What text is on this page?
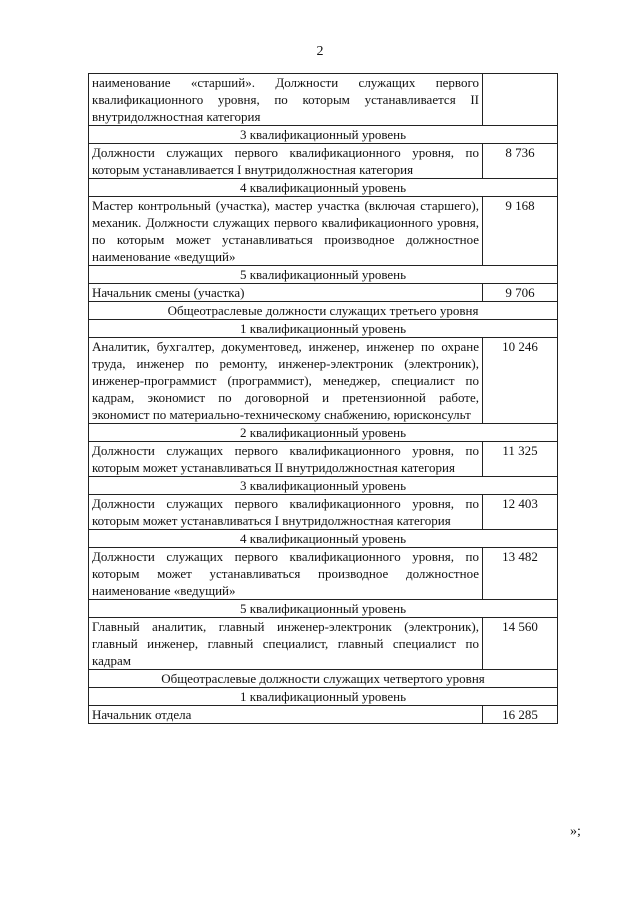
2
наименование «старший». Должности служащих первого квалификационного уровня, по которым устанавливается II внутридолжностная категория	
3 квалификационный уровень	
Должности служащих первого квалификационного уровня, по которым устанавливается I внутридолжностная категория	8 736
4 квалификационный уровень	
Мастер контрольный (участка), мастер участка (включая старшего), механик. Должности служащих первого квалификационного уровня, по которым может устанавливаться производное должностное наименование «ведущий»	9 168
5 квалификационный уровень	
Начальник смены (участка)	9 706
Общеотраслевые должности служащих третьего уровня	
1 квалификационный уровень	
Аналитик, бухгалтер, документовед, инженер, инженер по охране труда, инженер по ремонту, инженер-электроник (электроник), инженер-программист (программист), менеджер, специалист по кадрам, экономист по договорной и претензионной работе, экономист по материально-техническому снабжению, юрисконсульт	10 246
2 квалификационный уровень	
Должности служащих первого квалификационного уровня, по которым может устанавливаться II внутридолжностная категория	11 325
3 квалификационный уровень	
Должности служащих первого квалификационного уровня, по которым может устанавливаться I внутридолжностная категория	12 403
4 квалификационный уровень	
Должности служащих первого квалификационного уровня, по которым может устанавливаться производное должностное наименование «ведущий»	13 482
5 квалификационный уровень	
Главный аналитик, главный инженер-электроник (электроник), главный инженер, главный специалист, главный специалист по кадрам	14 560
Общеотраслевые должности служащих четвертого уровня	
1 квалификационный уровень	
Начальник отдела	16 285
»;
